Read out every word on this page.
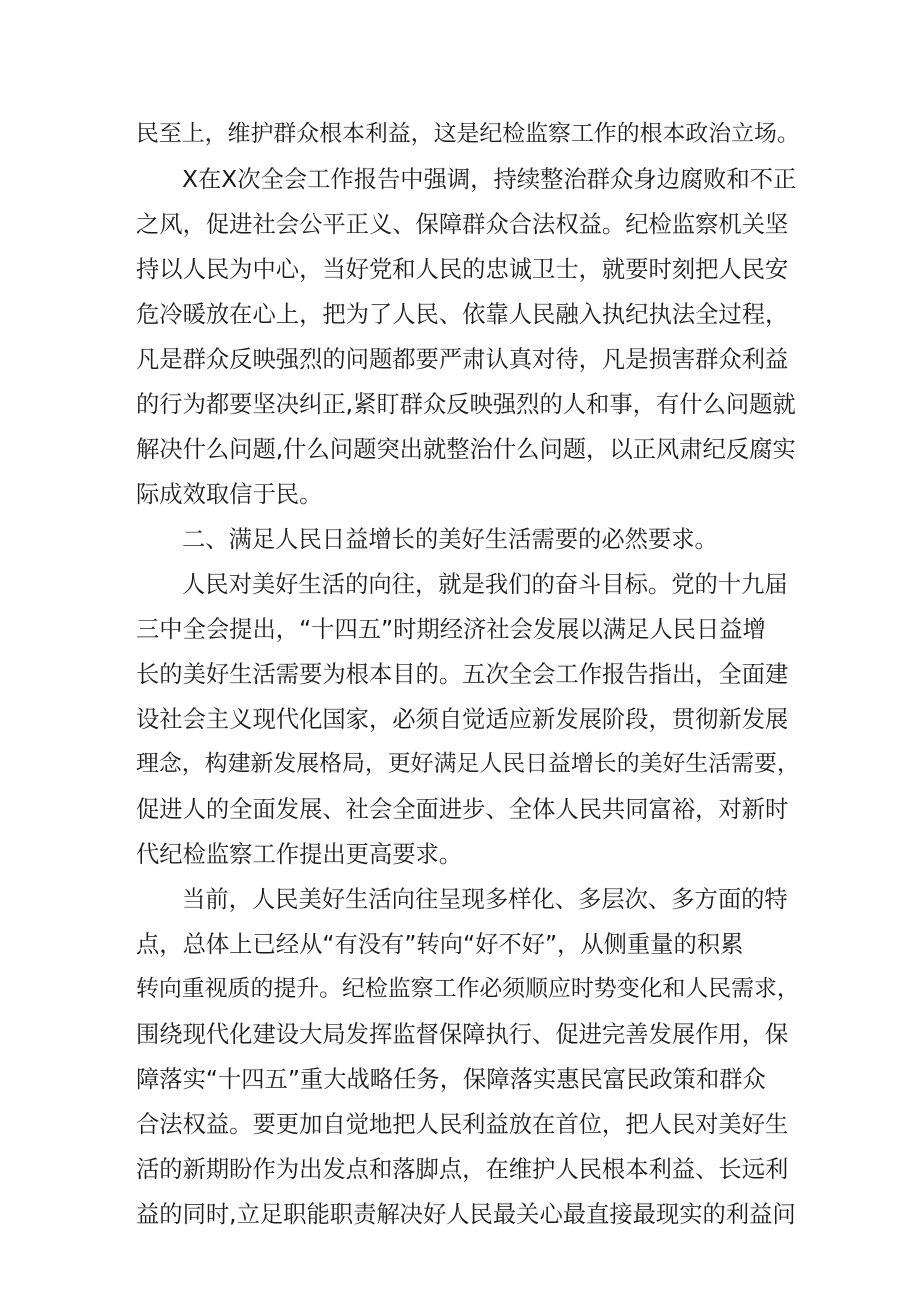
民至上，维护群众根本利益，这是纪检监察工作的根本政治立场。
X在X次全会工作报告中强调，持续整治群众身边腐败和不正
之风，促进社会公平正义、保障群众合法权益。纪检监察机关坚
持以人民为中心，当好党和人民的忠诚卫士，就要时刻把人民安
危冷暖放在心上，把为了人民、依靠人民融入执纪执法全过程，
凡是群众反映强烈的问题都要严肃认真对待，凡是损害群众利益
的行为都要坚决纠正,紧盯群众反映强烈的人和事，有什么问题就
解决什么问题,什么问题突出就整治什么问题，以正风肃纪反腐实
际成效取信于民。
二、满足人民日益增长的美好生活需要的必然要求。
人民对美好生活的向往，就是我们的奋斗目标。党的十九届
三中全会提出，“十四五”时期经济社会发展以满足人民日益增
长的美好生活需要为根本目的。五次全会工作报告指出，全面建
设社会主义现代化国家，必须自觉适应新发展阶段，贯彻新发展
理念，构建新发展格局，更好满足人民日益增长的美好生活需要，
促进人的全面发展、社会全面进步、全体人民共同富裕，对新时
代纪检监察工作提出更高要求。
当前，人民美好生活向往呈现多样化、多层次、多方面的特
点，总体上已经从“有没有”转向“好不好”，从侧重量的积累
转向重视质的提升。纪检监察工作必须顺应时势变化和人民需求，
围绕现代化建设大局发挥监督保障执行、促进完善发展作用，保
障落实“十四五”重大战略任务，保障落实惠民富民政策和群众
合法权益。要更加自觉地把人民利益放在首位，把人民对美好生
活的新期盼作为出发点和落脚点，在维护人民根本利益、长远利
益的同时,立足职能职责解决好人民最关心最直接最现实的利益问
